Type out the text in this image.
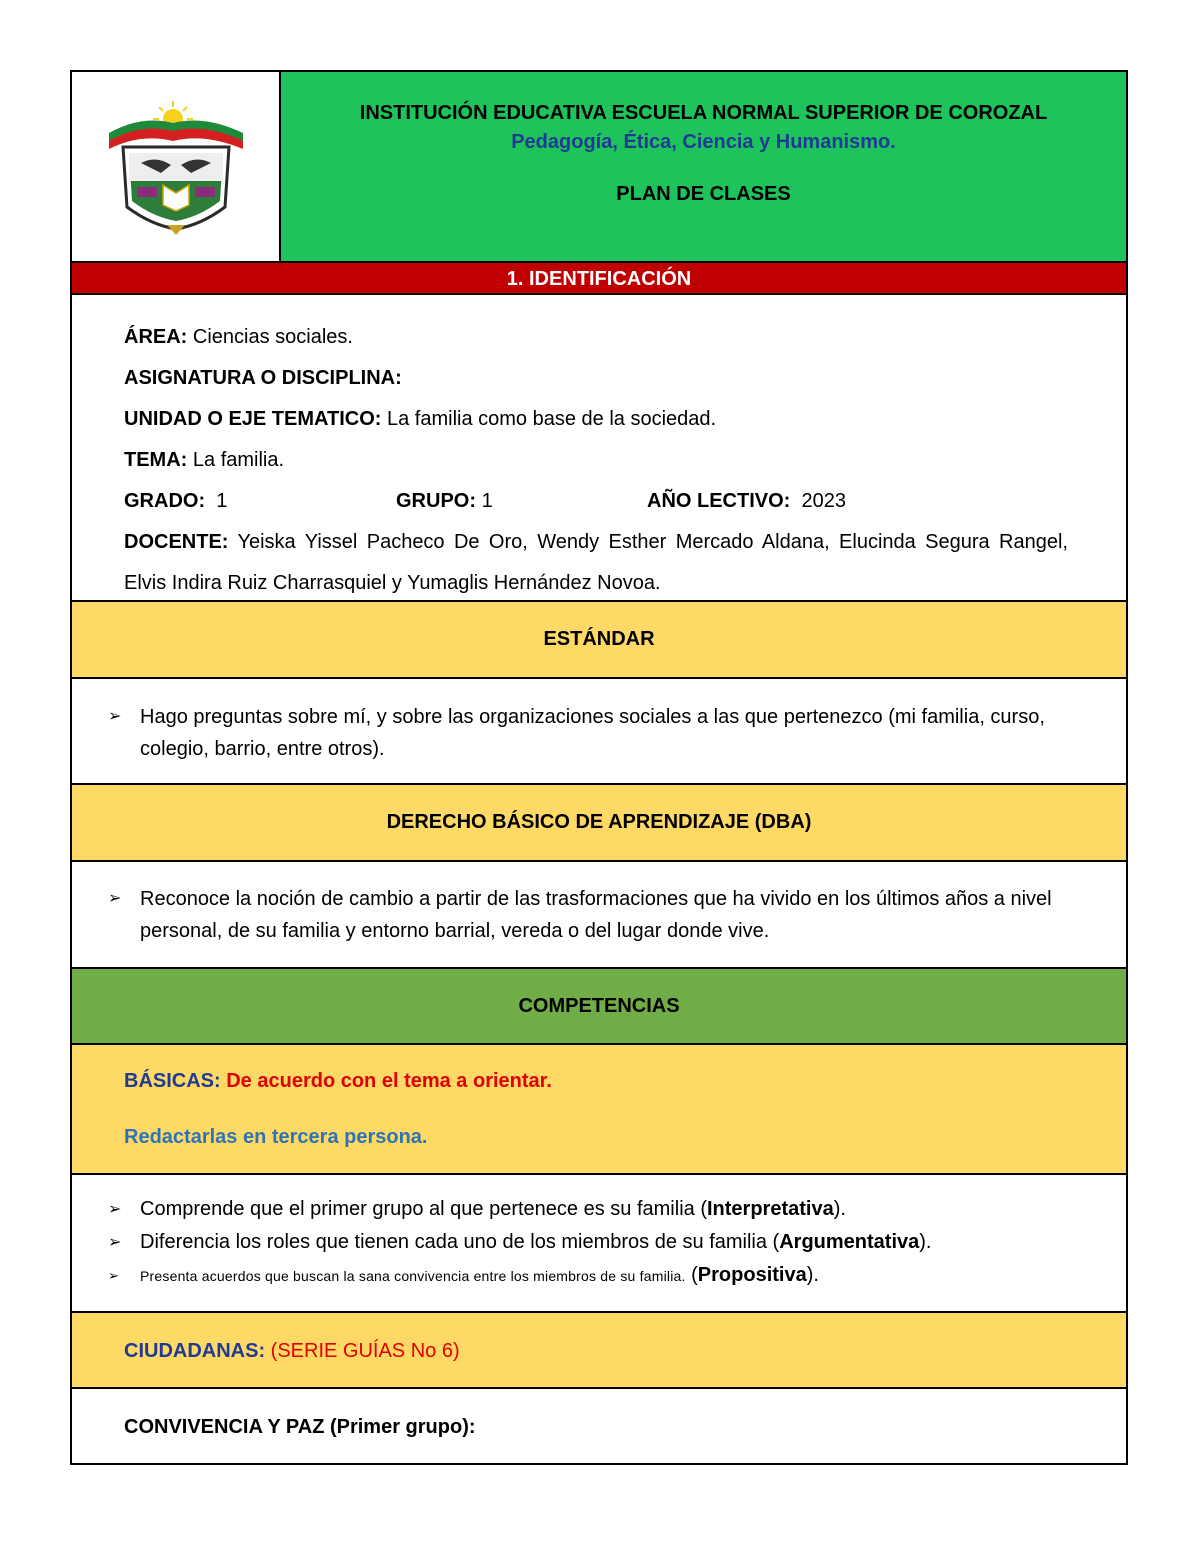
INSTITUCIÓN EDUCATIVA ESCUELA NORMAL SUPERIOR DE COROZAL
Pedagogía, Ética, Ciencia y Humanismo.
PLAN DE CLASES
1. IDENTIFICACIÓN
ÁREA: Ciencias sociales.
ASIGNATURA O DISCIPLINA:
UNIDAD O EJE TEMATICO: La familia como base de la sociedad.
TEMA: La familia.
GRADO: 1	GRUPO: 1	AÑO LECTIVO: 2023
DOCENTE: Yeiska Yissel Pacheco De Oro, Wendy Esther Mercado Aldana, Elucinda Segura Rangel, Elvis Indira Ruiz Charrasquiel y Yumaglis Hernández Novoa.
ESTÁNDAR
➢ Hago preguntas sobre mí, y sobre las organizaciones sociales a las que pertenezco (mi familia, curso, colegio, barrio, entre otros).
DERECHO BÁSICO DE APRENDIZAJE (DBA)
➢ Reconoce la noción de cambio a partir de las trasformaciones que ha vivido en los últimos años a nivel personal, de su familia y entorno barrial, vereda o del lugar donde vive.
COMPETENCIAS
BÁSICAS: De acuerdo con el tema a orientar.
Redactarlas en tercera persona.
➢ Comprende que el primer grupo al que pertenece es su familia (Interpretativa).
➢ Diferencia los roles que tienen cada uno de los miembros de su familia (Argumentativa).
➢	Presenta acuerdos que buscan la sana convivencia entre los miembros de su familia. (Propositiva).
CIUDADANAS: (SERIE GUÍAS No 6)
CONVIVENCIA Y PAZ (Primer grupo):
